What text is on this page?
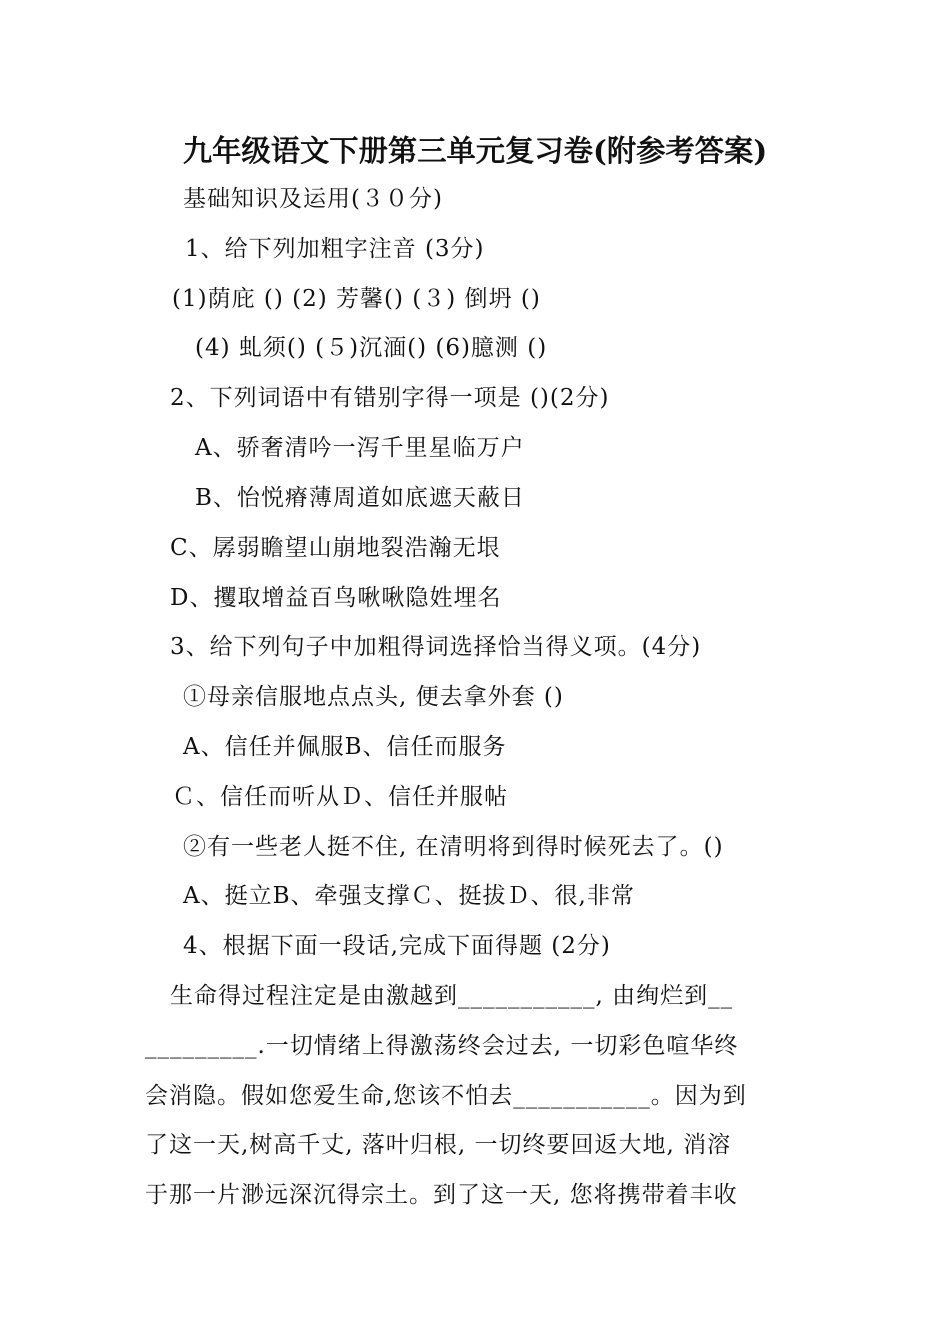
九年级语文下册第三单元复习卷(附参考答案)
基础知识及运用(３０分)
1、给下列加粗字注音 (3分)
(1)荫庇 () (2) 芳馨() (３) 倒坍 ()
(4) 虬须() (５)沉湎() (6)臆测 ()
2、下列词语中有错别字得一项是 ()(2分)
A、骄奢清吟一泻千里星临万户
B、怡悦瘠薄周道如底遮天蔽日
C、孱弱瞻望山崩地裂浩瀚无垠
D、攫取增益百鸟啾啾隐姓埋名
3、给下列句子中加粗得词选择恰当得义项。(4分)
①母亲信服地点点头, 便去拿外套 ()
A、信任并佩服B、信任而服务
Ｃ、信任而听从Ｄ、信任并服帖
②有一些老人挺不住, 在清明将到得时候死去了。()
A、挺立B、牵强支撑Ｃ、挺拔Ｄ、很,非常
4、根据下面一段话,完成下面得题 (2分)
生命得过程注定是由激越到___________, 由绚烂到__
_________.一切情绪上得激荡终会过去, 一切彩色喧华终
会消隐。假如您爱生命,您该不怕去___________。因为到
了这一天,树高千丈, 落叶归根, 一切终要回返大地, 消溶
于那一片渺远深沉得宗土。到了这一天, 您将携带着丰收
